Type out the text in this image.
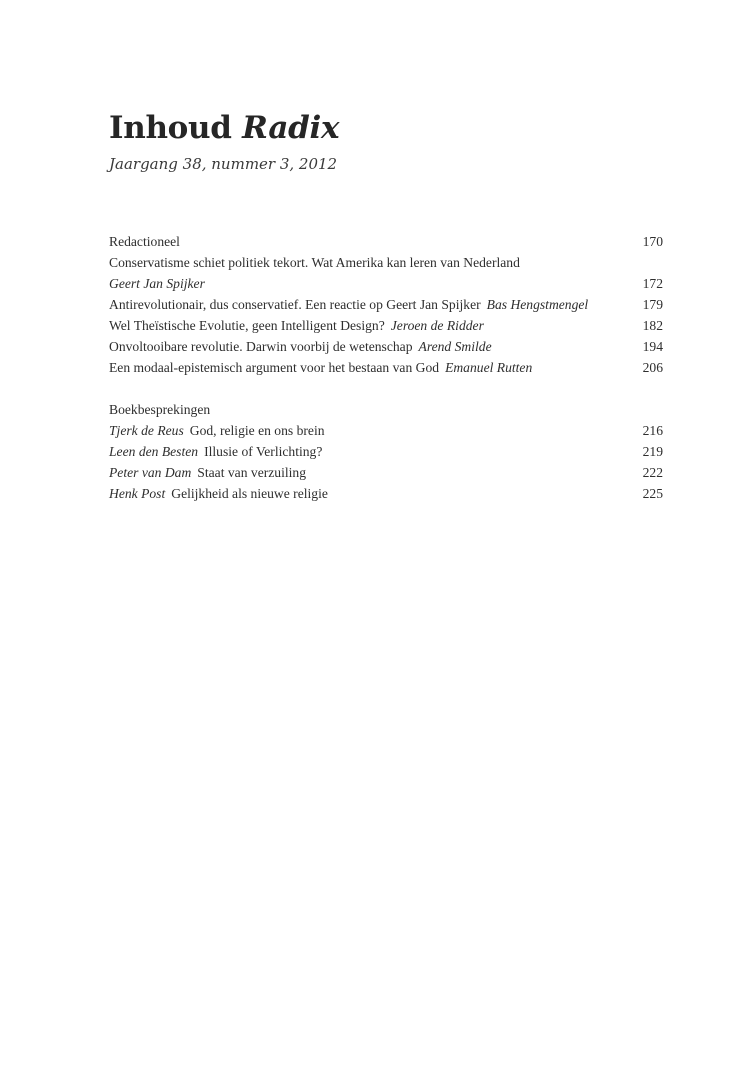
Inhoud Radix
Jaargang 38, nummer 3, 2012
Redactioneel	170
Conservatisme schiet politiek tekort. Wat Amerika kan leren van Nederland
Geert Jan Spijker	172
Antirevolutionair, dus conservatief. Een reactie op Geert Jan Spijker Bas Hengstmengel	179
Wel Theïstische Evolutie, geen Intelligent Design? Jeroen de Ridder	182
Onvoltooibare revolutie. Darwin voorbij de wetenschap Arend Smilde	194
Een modaal-epistemisch argument voor het bestaan van God Emanuel Rutten	206
Boekbesprekingen
Tjerk de Reus God, religie en ons brein	216
Leen den Besten Illusie of Verlichting?	219
Peter van Dam Staat van verzuiling	222
Henk Post Gelijkheid als nieuwe religie	225
